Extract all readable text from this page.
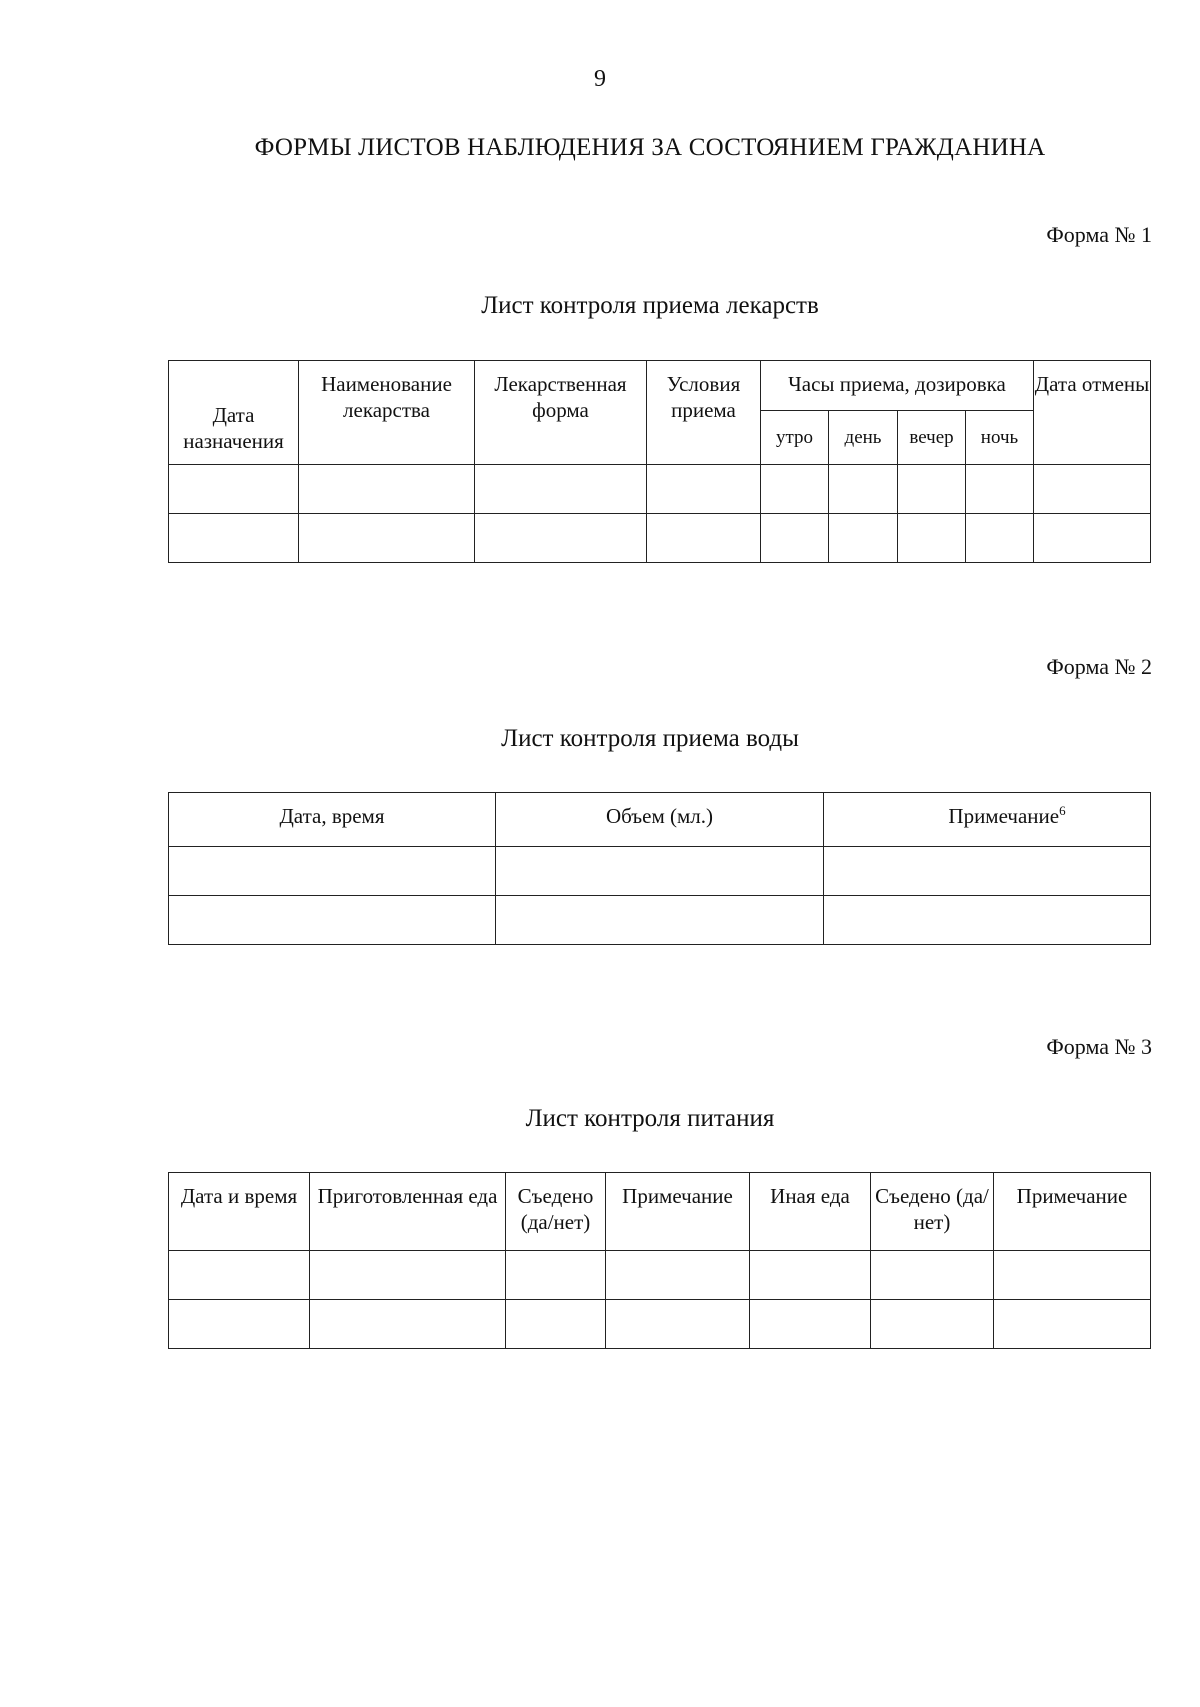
9
ФОРМЫ ЛИСТОВ НАБЛЮДЕНИЯ ЗА СОСТОЯНИЕМ ГРАЖДАНИНА
Форма № 1
Лист контроля приема лекарств
Дата назначения	Наименование лекарства	Лекарственная форма	Условия приема	Часы приема, дозировка				Дата отмены
				утро	день	вечер	ночь	

Форма № 2
Лист контроля приема воды
Дата, время	Объем (мл.)	Примечание$^6$

Форма № 3
Лист контроля питания
Дата и время	Приготовленная еда	Съедено (да/нет)	Примечание	Иная еда	Съедено (да/нет)	Примечание
